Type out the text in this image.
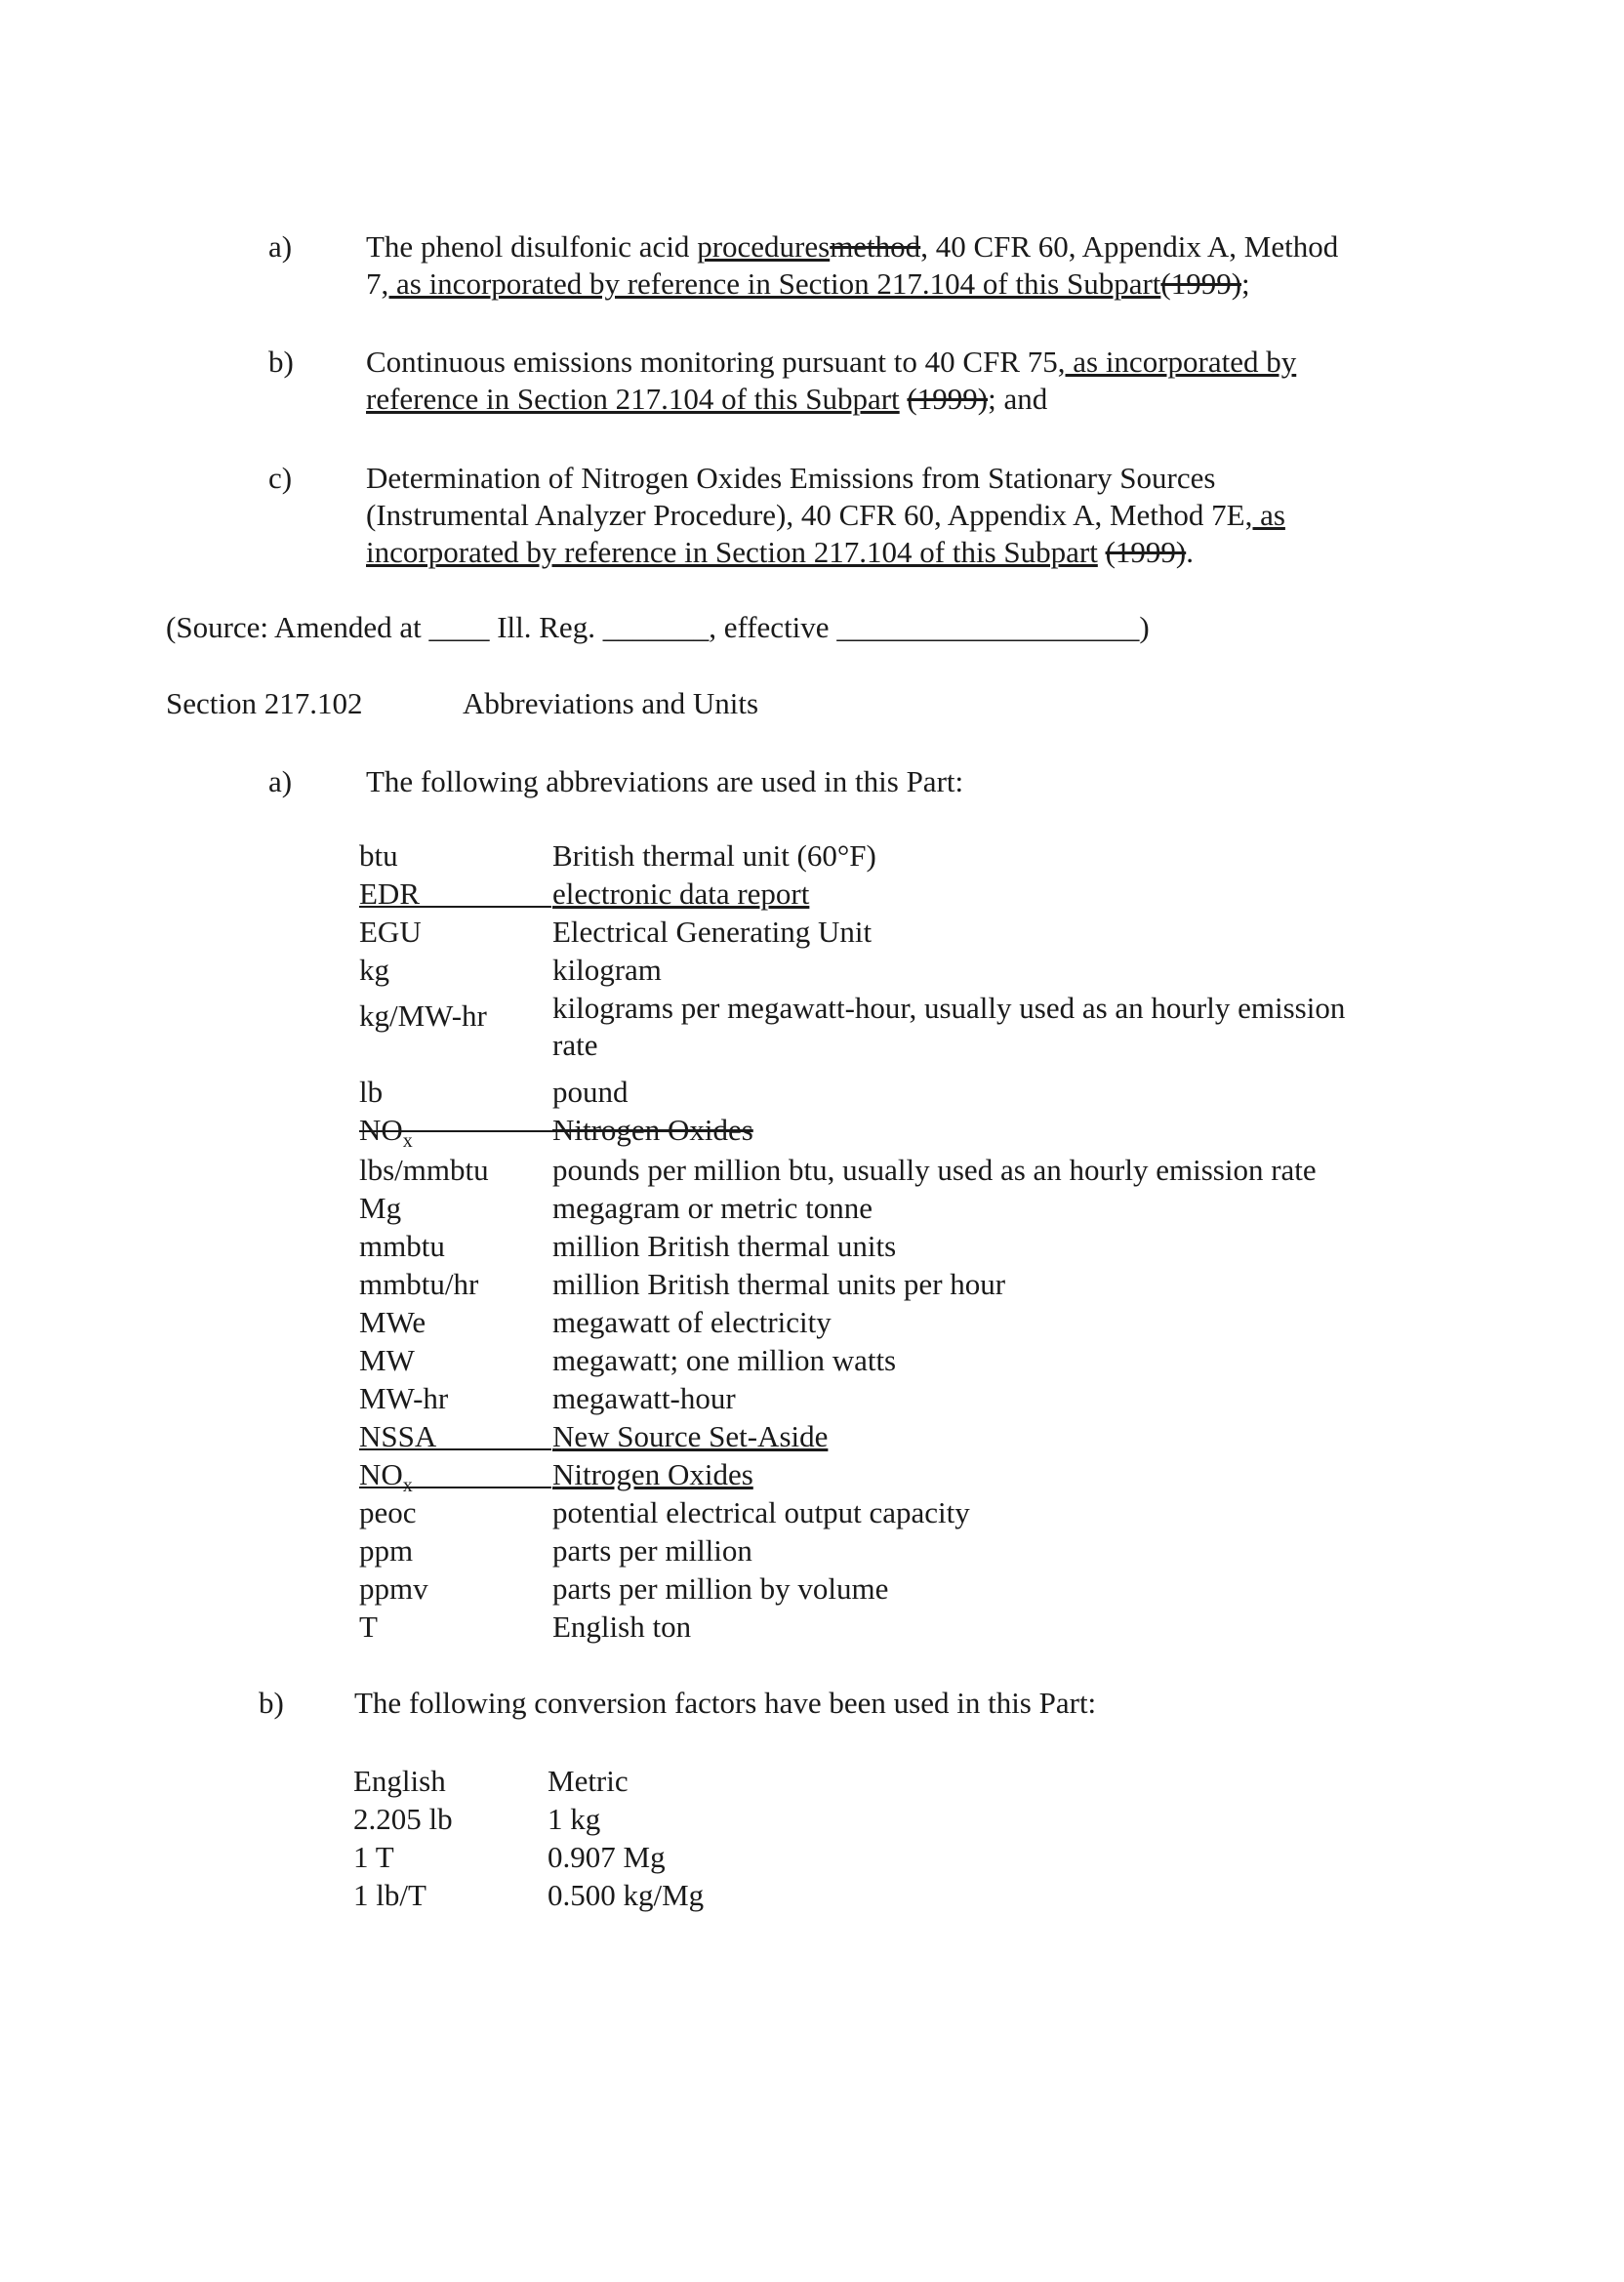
a) The phenol disulfonic acid proceduresmethod, 40 CFR 60, Appendix A, Method
7, as incorporated by reference in Section 217.104 of this Subpart(1999);
b) Continuous emissions monitoring pursuant to 40 CFR 75, as incorporated by
reference in Section 217.104 of this Subpart (1999); and
c) Determination of Nitrogen Oxides Emissions from Stationary Sources
(Instrumental Analyzer Procedure), 40 CFR 60, Appendix A, Method 7E, as
incorporated by reference in Section 217.104 of this Subpart (1999).
(Source: Amended at ____ Ill. Reg. _______, effective ____________________)
Section 217.102	Abbreviations and Units
a) The following abbreviations are used in this Part:
btu	British thermal unit (60°F)
EDR	electronic data report
EGU	Electrical Generating Unit
kg	kilogram
kg/MW-hr kilograms per megawatt-hour, usually used as an hourly emission
rate
lb	pound
$NO_x$	Nitrogen Oxides
lbs/mmbtu pounds per million btu, usually used as an hourly emission rate
Mg	megagram or metric tonne
mmbtu	million British thermal units
mmbtu/hr million British thermal units per hour
MWe	megawatt of electricity
MW	megawatt; one million watts
MW-hr	megawatt-hour
NSSA	New Source Set-Aside
$NO_x$	Nitrogen Oxides
peoc	potential electrical output capacity
ppm	parts per million
ppmv	parts per million by volume
T	English ton
b) The following conversion factors have been used in this Part:
English	Metric
2.205 lb	1 kg
1 T	0.907 Mg
1 lb/T	0.500 kg/Mg
